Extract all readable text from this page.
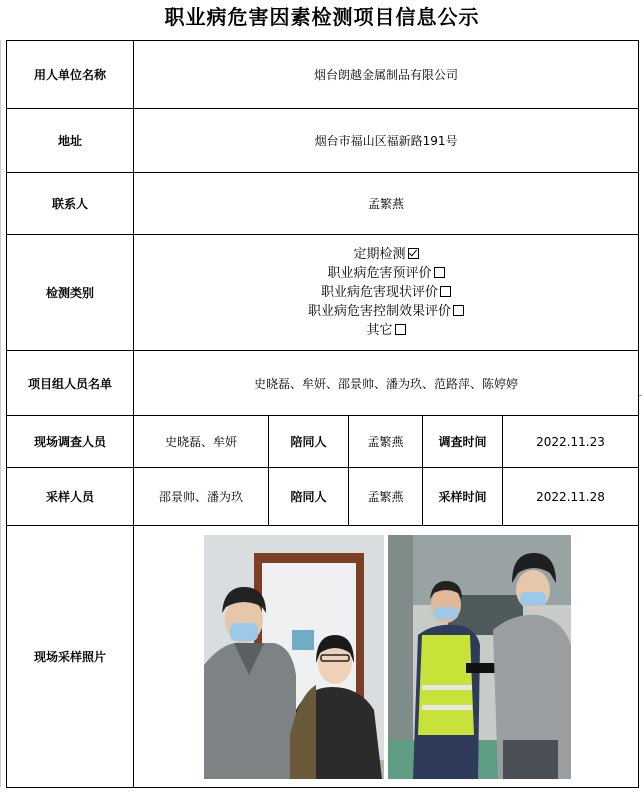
职业病危害因素检测项目信息公示
用人单位名称	烟台朗越金属制品有限公司				
地址	烟台市福山区福新路191号				
联系人	孟繁燕				
检测类别	定期检测
职业病危害预评价
职业病危害现状评价
职业病危害控制效果评价
其它				

项目组人员名单	史晓磊、牟妍、邵景帅、潘为玖、范路萍、陈婷婷				
现场调查人员	史晓磊、牟妍	陪同人	孟繁燕	调查时间	2022.11.23
采样人员	邵景帅、潘为玖	陪同人	孟繁燕	采样时间	2022.11.28
现场采样照片	
